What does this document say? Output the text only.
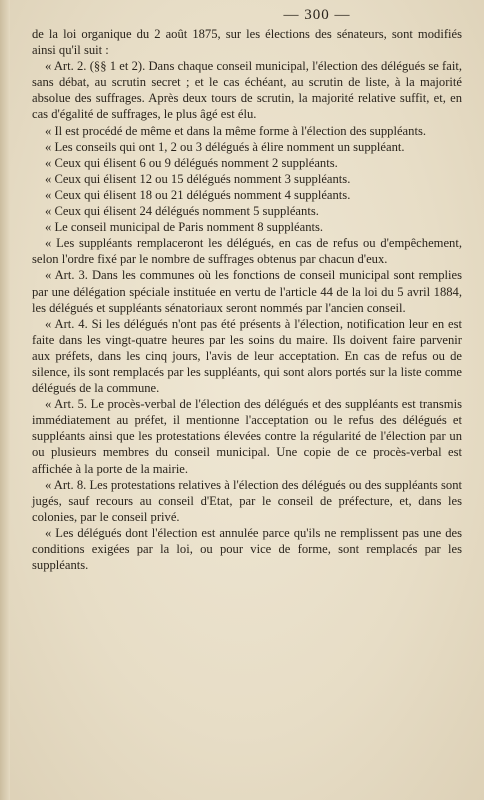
— 300 —

de la loi organique du 2 août 1875, sur les élections des sénateurs, sont modifiés ainsi qu'il suit :

« Art. 2. (§§ 1 et 2). Dans chaque conseil municipal, l'élection des délégués se fait, sans débat, au scrutin secret ; et le cas échéant, au scrutin de liste, à la majorité absolue des suffrages. Après deux tours de scrutin, la majorité relative suffit, et, en cas d'égalité de suffrages, le plus âgé est élu.

« Il est procédé de même et dans la même forme à l'élection des suppléants.

« Les conseils qui ont 1, 2 ou 3 délégués à élire nomment un suppléant.

« Ceux qui élisent 6 ou 9 délégués nomment 2 suppléants.

« Ceux qui élisent 12 ou 15 délégués nomment 3 suppléants.

« Ceux qui élisent 18 ou 21 délégués nomment 4 suppléants.

« Ceux qui élisent 24 délégués nomment 5 suppléants.

« Le conseil municipal de Paris nomment 8 suppléants.

« Les suppléants remplaceront les délégués, en cas de refus ou d'empêchement, selon l'ordre fixé par le nombre de suffrages obtenus par chacun d'eux.

« Art. 3. Dans les communes où les fonctions de conseil municipal sont remplies par une délégation spéciale instituée en vertu de l'article 44 de la loi du 5 avril 1884, les délégués et suppléants sénatoriaux seront nommés par l'ancien conseil.

« Art. 4. Si les délégués n'ont pas été présents à l'élection, notification leur en est faite dans les vingt-quatre heures par les soins du maire. Ils doivent faire parvenir aux préfets, dans les cinq jours, l'avis de leur acceptation. En cas de refus ou de silence, ils sont remplacés par les suppléants, qui sont alors portés sur la liste comme délégués de la commune.

« Art. 5. Le procès-verbal de l'élection des délégués et des suppléants est transmis immédiatement au préfet, il mentionne l'acceptation ou le refus des délégués et suppléants ainsi que les protestations élevées contre la régularité de l'élection par un ou plusieurs membres du conseil municipal. Une copie de ce procès-verbal est affichée à la porte de la mairie.

« Art. 8. Les protestations relatives à l'élection des délégués ou des suppléants sont jugés, sauf recours au conseil d'Etat, par le conseil de préfecture, et, dans les colonies, par le conseil privé.

« Les délégués dont l'élection est annulée parce qu'ils ne remplissent pas une des conditions exigées par la loi, ou pour vice de forme, sont remplacés par les suppléants.
